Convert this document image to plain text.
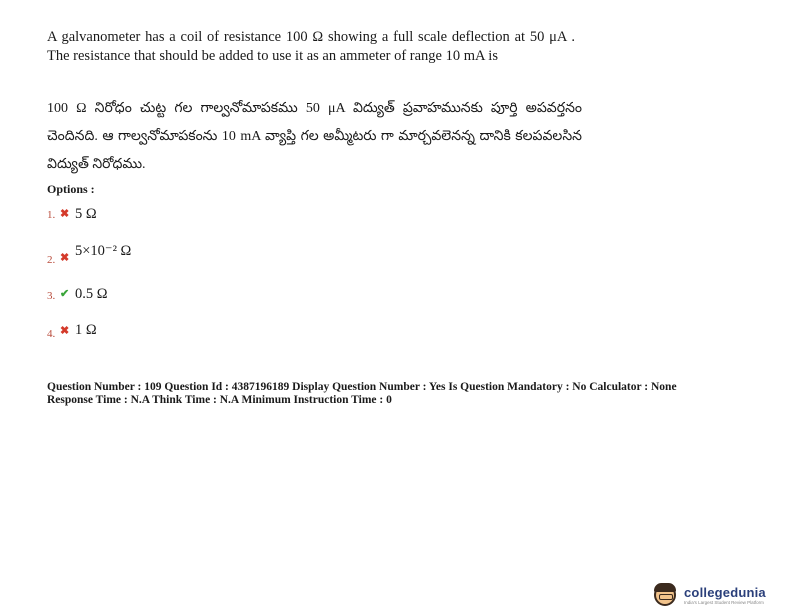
A galvanometer has a coil of resistance 100 Ω showing a full scale deflection at 50 μA . The resistance that should be added to use it as an ammeter of range 10 mA is
100 Ω నిరోధం చుట్ట గల గాల్వనోమాపకము 50 μA విద్యుత్ ప్రవాహమునకు పూర్తి అపవర్తనం చెందినది. ఆ గాల్వనోమాపకంను 10 mA వ్యాప్తి గల అమ్మీటరు గా మార్చవలెనన్న దానికి కలపవలసిన విద్యుత్ నిరోధము.
Options :
1. ✖ 5 Ω
2. ✖ 5×10⁻² Ω
3. ✔ 0.5 Ω
4. ✖ 1 Ω
Question Number : 109 Question Id : 4387196189 Display Question Number : Yes Is Question Mandatory : No Calculator : None
Response Time : N.A Think Time : N.A Minimum Instruction Time : 0
collegedunia
India's Largest Student Review Platform
